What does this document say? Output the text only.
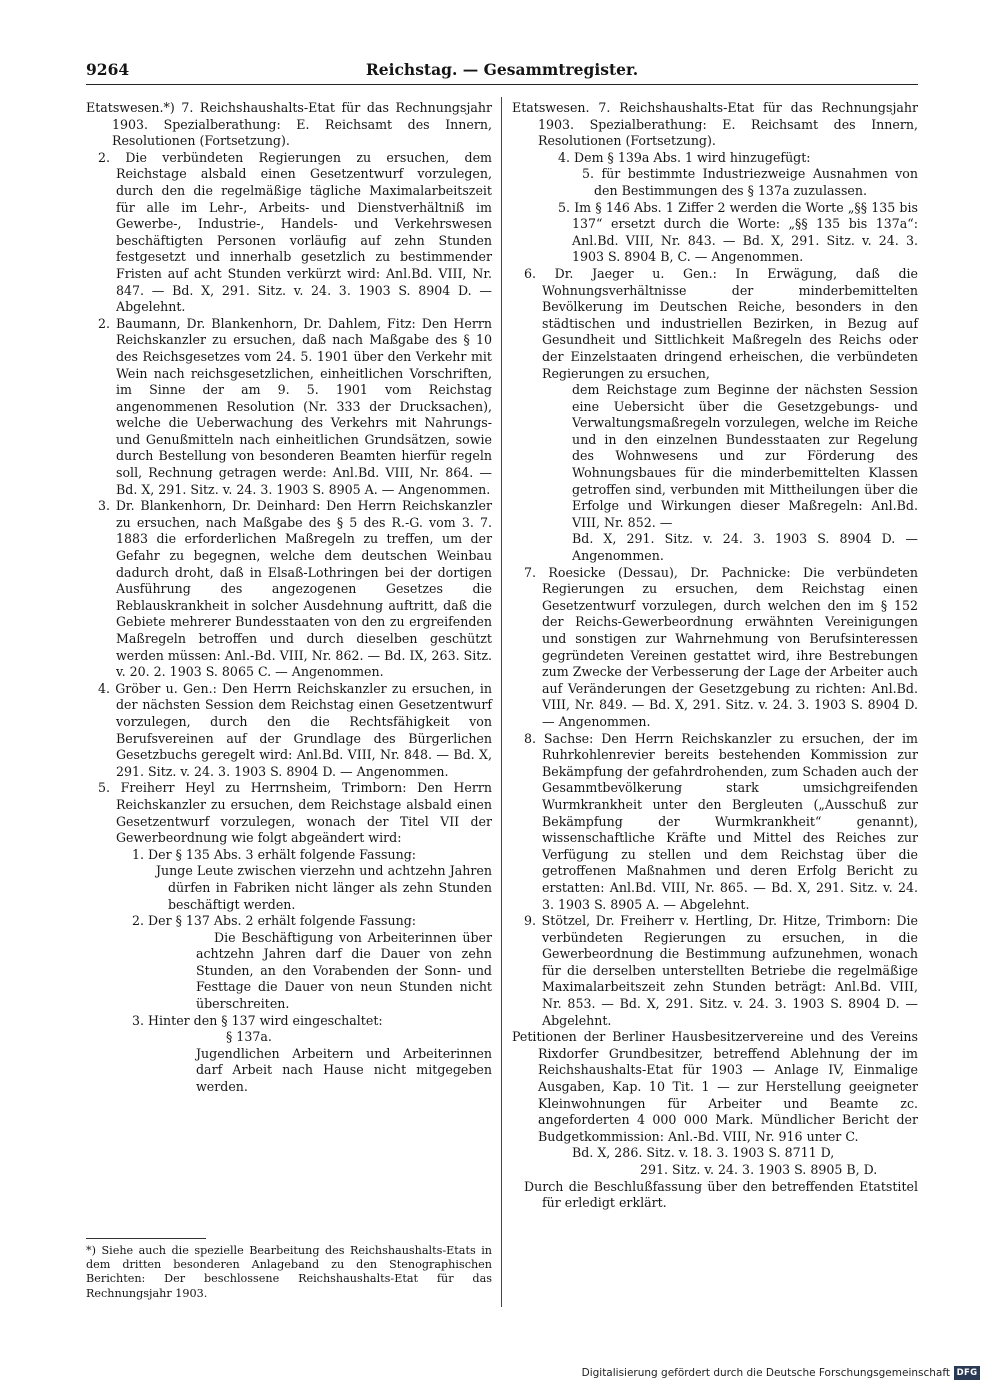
9264	Reichstag. — Gesammtregister.

Etatswesen.*) 7. Reichshaushalts-Etat für das Rechnungsjahr 1903. Spezialberathung: E. Reichsamt des Innern, Resolutionen (Fortsetzung).

2. Die verbündeten Regierungen zu ersuchen, dem Reichstage alsbald einen Gesetzentwurf vorzulegen, durch den die regelmäßige tägliche Maximalarbeitszeit für alle im Lehr-, Arbeits- und Dienstverhältniß im Gewerbe-, Industrie-, Handels- und Verkehrswesen beschäftigten Personen vorläufig auf zehn Stunden festgesetzt und innerhalb gesetzlich zu bestimmender Fristen auf acht Stunden verkürzt wird: Anl.Bd. VIII, Nr. 847. — Bd. X, 291. Sitz. v. 24. 3. 1903 S. 8904 D. — Abgelehnt.

2. Baumann, Dr. Blankenhorn, Dr. Dahlem, Fitz: Den Herrn Reichskanzler zu ersuchen, daß nach Maßgabe des § 10 des Reichsgesetzes vom 24. 5. 1901 über den Verkehr mit Wein nach reichsgesetzlichen, einheitlichen Vorschriften, im Sinne der am 9. 5. 1901 vom Reichstag angenommenen Resolution (Nr. 333 der Drucksachen), welche die Ueberwachung des Verkehrs mit Nahrungs- und Genußmitteln nach einheitlichen Grundsätzen, sowie durch Bestellung von besonderen Beamten hierfür regeln soll, Rechnung getragen werde: Anl.Bd. VIII, Nr. 864. — Bd. X, 291. Sitz. v. 24. 3. 1903 S. 8905 A. — Angenommen.

3. Dr. Blankenhorn, Dr. Deinhard: Den Herrn Reichskanzler zu ersuchen, nach Maßgabe des § 5 des R.-G. vom 3. 7. 1883 die erforderlichen Maßregeln zu treffen, um der Gefahr zu begegnen, welche dem deutschen Weinbau dadurch droht, daß in Elsaß-Lothringen bei der dortigen Ausführung des angezogenen Gesetzes die Reblauskrankheit in solcher Ausdehnung auftritt, daß die Gebiete mehrerer Bundesstaaten von den zu ergreifenden Maßregeln betroffen und durch dieselben geschützt werden müssen: Anl.-Bd. VIII, Nr. 862. — Bd. IX, 263. Sitz. v. 20. 2. 1903 S. 8065 C. — Angenommen.

4. Gröber u. Gen.: Den Herrn Reichskanzler zu ersuchen, in der nächsten Session dem Reichstag einen Gesetzentwurf vorzulegen, durch den die Rechtsfähigkeit von Berufsvereinen auf der Grundlage des Bürgerlichen Gesetzbuchs geregelt wird: Anl.Bd. VIII, Nr. 848. — Bd. X, 291. Sitz. v. 24. 3. 1903 S. 8904 D. — Angenommen.

5. Freiherr Heyl zu Herrnsheim, Trimborn: Den Herrn Reichskanzler zu ersuchen, dem Reichstage alsbald einen Gesetzentwurf vorzulegen, wonach der Titel VII der Gewerbeordnung wie folgt abgeändert wird:

1. Der § 135 Abs. 3 erhält folgende Fassung:

Junge Leute zwischen vierzehn und achtzehn Jahren dürfen in Fabriken nicht länger als zehn Stunden beschäftigt werden.

2. Der § 137 Abs. 2 erhält folgende Fassung:

Die Beschäftigung von Arbeiterinnen über achtzehn Jahren darf die Dauer von zehn Stunden, an den Vorabenden der Sonn- und Festtage die Dauer von neun Stunden nicht überschreiten.

3. Hinter den § 137 wird eingeschaltet:

§ 137a.

Jugendlichen Arbeitern und Arbeiterinnen darf Arbeit nach Hause nicht mitgegeben werden.

Etatswesen. 7. Reichshaushalts-Etat für das Rechnungsjahr 1903. Spezialberathung: E. Reichsamt des Innern, Resolutionen (Fortsetzung).

4. Dem § 139a Abs. 1 wird hinzugefügt:

5. für bestimmte Industriezweige Ausnahmen von den Bestimmungen des § 137a zuzulassen.

5. Im § 146 Abs. 1 Ziffer 2 werden die Worte „§§ 135 bis 137“ ersetzt durch die Worte: „§§ 135 bis 137a“: Anl.Bd. VIII, Nr. 843. — Bd. X, 291. Sitz. v. 24. 3. 1903 S. 8904 B, C. — Angenommen.

6. Dr. Jaeger u. Gen.: In Erwägung, daß die Wohnungsverhältnisse der minderbemittelten Bevölkerung im Deutschen Reiche, besonders in den städtischen und industriellen Bezirken, in Bezug auf Gesundheit und Sittlichkeit Maßregeln des Reichs oder der Einzelstaaten dringend erheischen, die verbündeten Regierungen zu ersuchen,

dem Reichstage zum Beginne der nächsten Session eine Uebersicht über die Gesetzgebungs- und Verwaltungsmaßregeln vorzulegen, welche im Reiche und in den einzelnen Bundesstaaten zur Regelung des Wohnwesens und zur Förderung des Wohnungsbaues für die minderbemittelten Klassen getroffen sind, verbunden mit Mittheilungen über die Erfolge und Wirkungen dieser Maßregeln: Anl.Bd. VIII, Nr. 852. —

Bd. X, 291. Sitz. v. 24. 3. 1903 S. 8904 D. — Angenommen.

7. Roesicke (Dessau), Dr. Pachnicke: Die verbündeten Regierungen zu ersuchen, dem Reichstag einen Gesetzentwurf vorzulegen, durch welchen den im § 152 der Reichs-Gewerbeordnung erwähnten Vereinigungen und sonstigen zur Wahrnehmung von Berufsinteressen gegründeten Vereinen gestattet wird, ihre Bestrebungen zum Zwecke der Verbesserung der Lage der Arbeiter auch auf Veränderungen der Gesetzgebung zu richten: Anl.Bd. VIII, Nr. 849. — Bd. X, 291. Sitz. v. 24. 3. 1903 S. 8904 D. — Angenommen.

8. Sachse: Den Herrn Reichskanzler zu ersuchen, der im Ruhrkohlenrevier bereits bestehenden Kommission zur Bekämpfung der gefahrdrohenden, zum Schaden auch der Gesammtbevölkerung stark umsichgreifenden Wurmkrankheit unter den Bergleuten („Ausschuß zur Bekämpfung der Wurmkrankheit“ genannt), wissenschaftliche Kräfte und Mittel des Reiches zur Verfügung zu stellen und dem Reichstag über die getroffenen Maßnahmen und deren Erfolg Bericht zu erstatten: Anl.Bd. VIII, Nr. 865. — Bd. X, 291. Sitz. v. 24. 3. 1903 S. 8905 A. — Abgelehnt.

9. Stötzel, Dr. Freiherr v. Hertling, Dr. Hitze, Trimborn: Die verbündeten Regierungen zu ersuchen, in die Gewerbeordnung die Bestimmung aufzunehmen, wonach für die derselben unterstellten Betriebe die regelmäßige Maximalarbeitszeit zehn Stunden beträgt: Anl.Bd. VIII, Nr. 853. — Bd. X, 291. Sitz. v. 24. 3. 1903 S. 8904 D. — Abgelehnt.

Petitionen der Berliner Hausbesitzervereine und des Vereins Rixdorfer Grundbesitzer, betreffend Ablehnung der im Reichshaushalts-Etat für 1903 — Anlage IV, Einmalige Ausgaben, Kap. 10 Tit. 1 — zur Herstellung geeigneter Kleinwohnungen für Arbeiter und Beamte zc. angeforderten 4 000 000 Mark. Mündlicher Bericht der Budgetkommission: Anl.-Bd. VIII, Nr. 916 unter C.

Bd. X, 286. Sitz. v. 18. 3. 1903 S. 8711 D,

291. Sitz. v. 24. 3. 1903 S. 8905 B, D.

Durch die Beschlußfassung über den betreffenden Etatstitel für erledigt erklärt.

*) Siehe auch die spezielle Bearbeitung des Reichshaushalts-Etats in dem dritten besonderen Anlageband zu den Stenographischen Berichten: Der beschlossene Reichshaushalts-Etat für das Rechnungsjahr 1903.

Digitalisierung gefördert durch die Deutsche Forschungsgemeinschaft DFG
